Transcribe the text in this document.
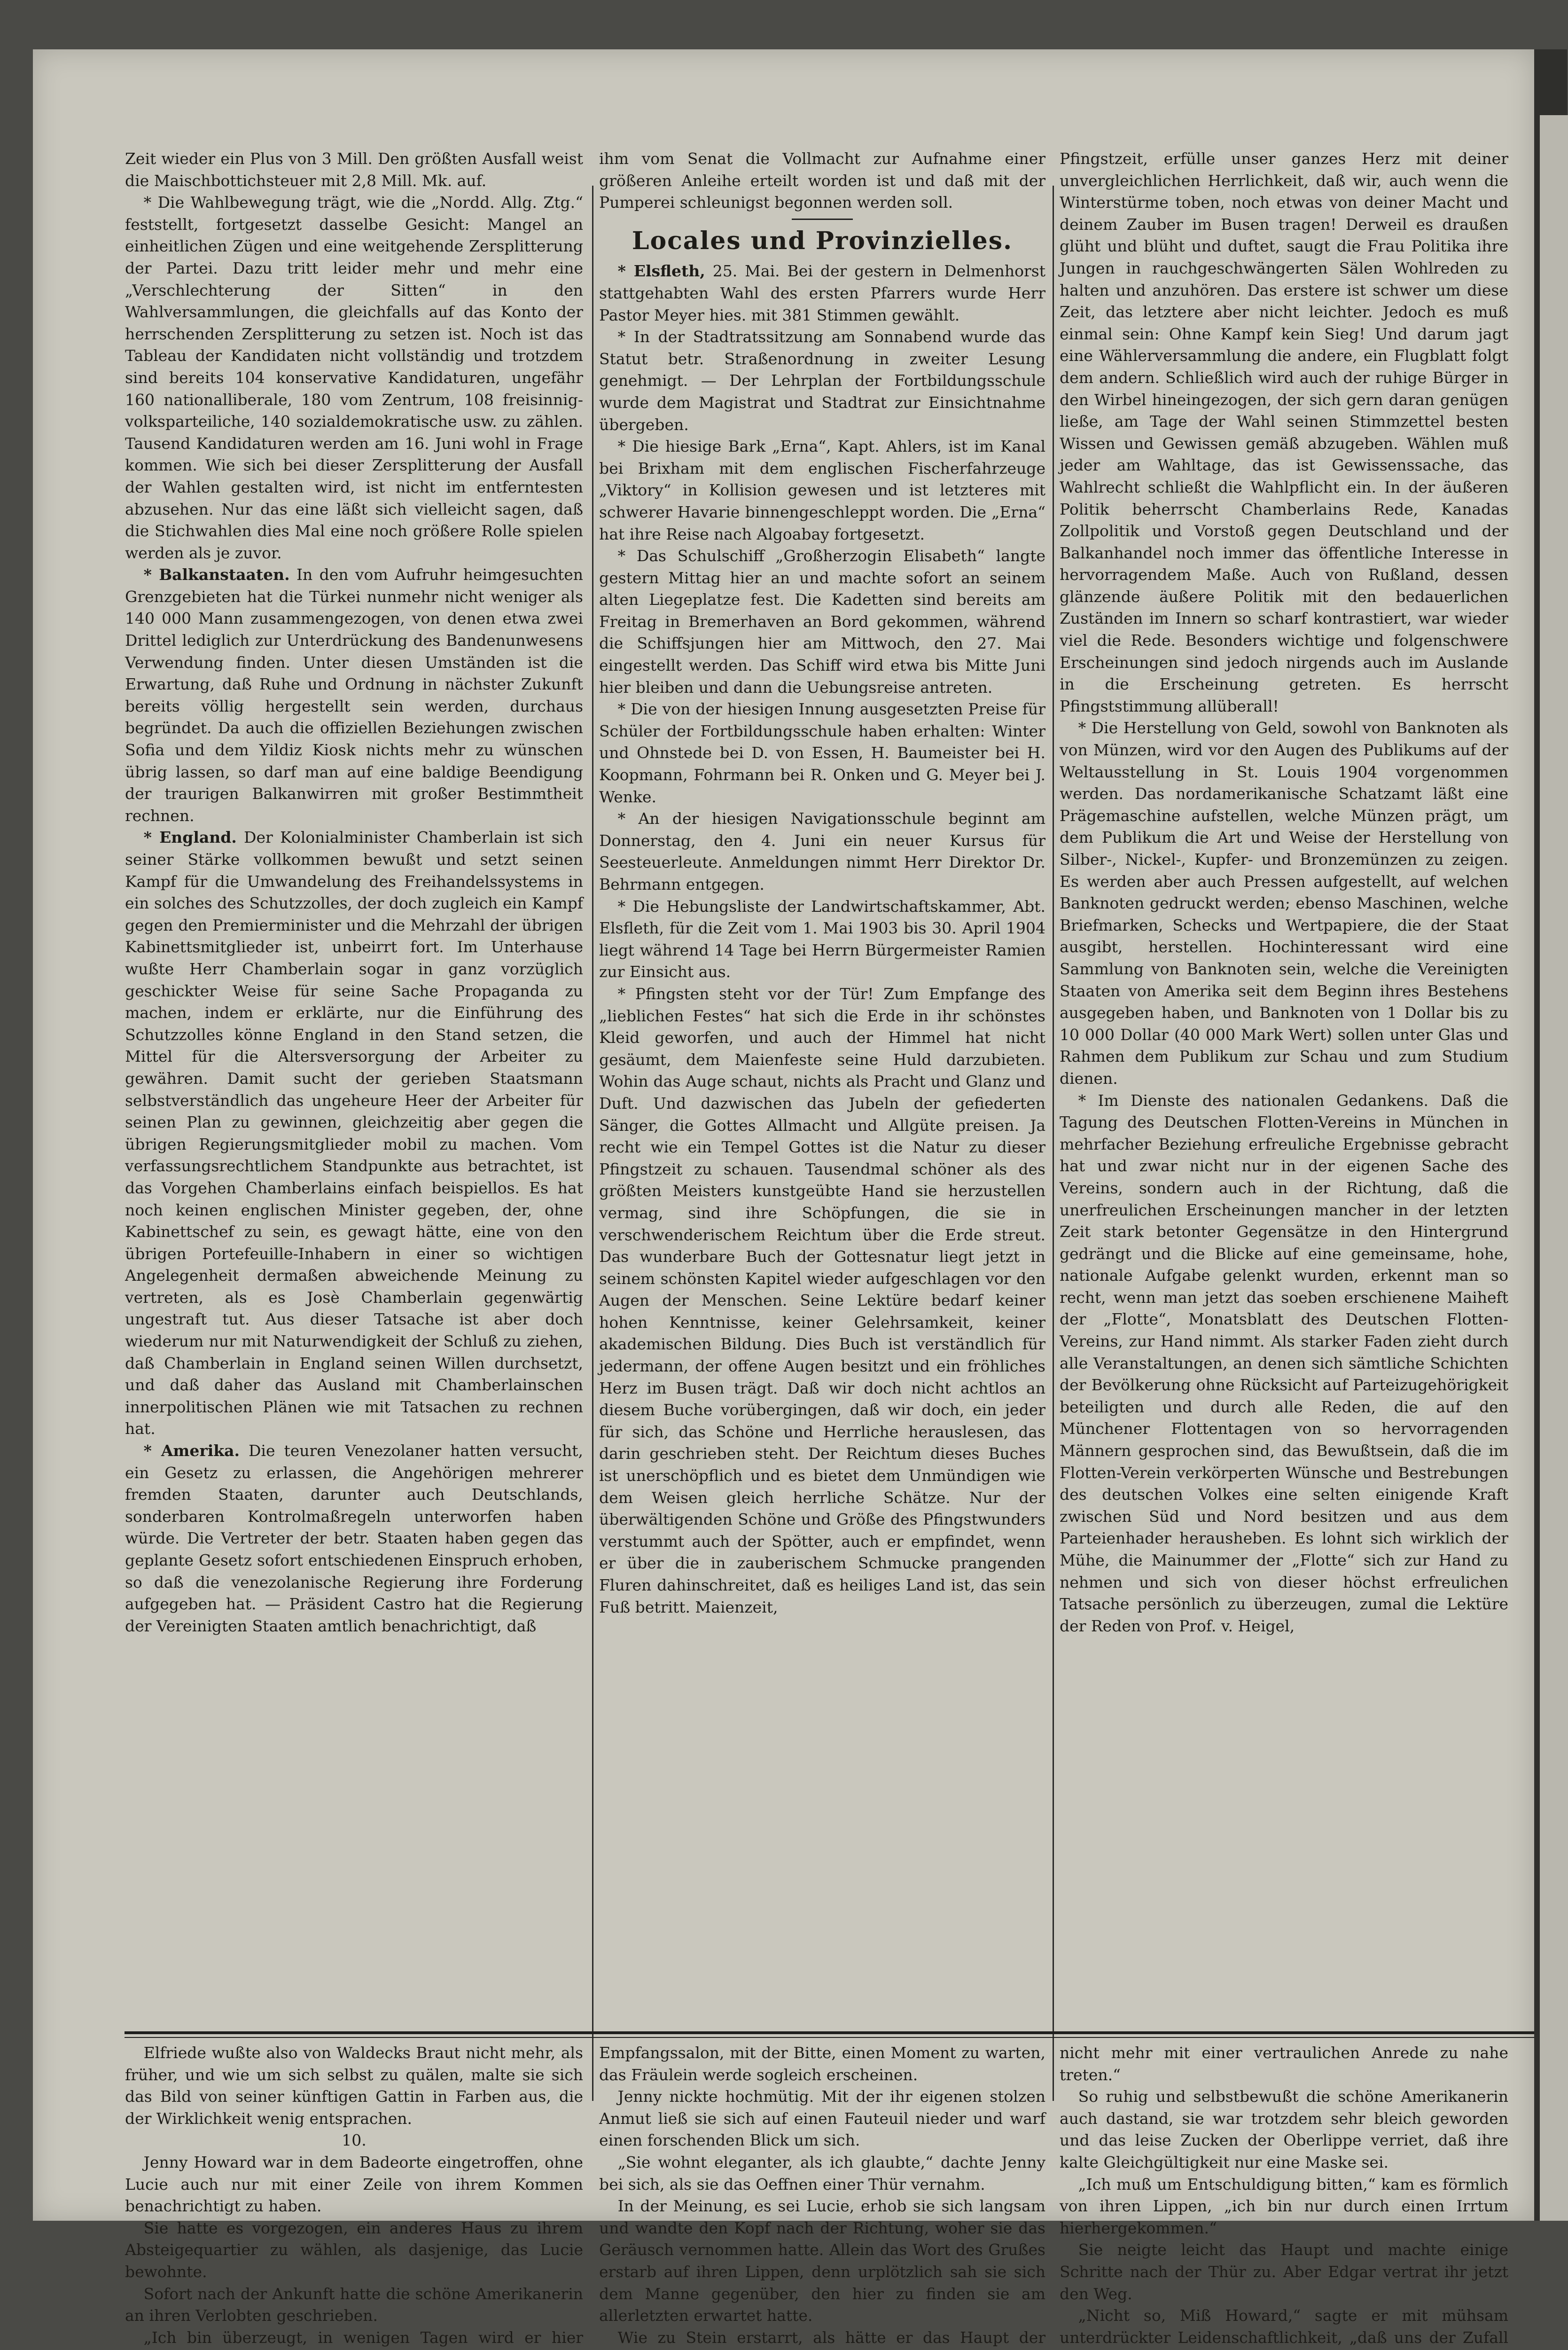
Zeit wieder ein Plus von 3 Mill. Den größten Ausfall weist die Maischbottichsteuer mit 2,8 Mill. Mk. auf.

* Die Wahlbewegung trägt, wie die „Nordd. Allg. Ztg.“ feststellt, fortgesetzt dasselbe Gesicht: Mangel an einheitlichen Zügen und eine weitgehende Zersplitterung der Partei. Dazu tritt leider mehr und mehr eine „Verschlechterung der Sitten“ in den Wahlversammlungen, die gleichfalls auf das Konto der herrschenden Zersplitterung zu setzen ist. Noch ist das Tableau der Kandidaten nicht vollständig und trotzdem sind bereits 104 konservative Kandidaturen, ungefähr 160 nationalliberale, 180 vom Zentrum, 108 freisinnig-volksparteiliche, 140 sozialdemokratische usw. zu zählen. Tausend Kandidaturen werden am 16. Juni wohl in Frage kommen. Wie sich bei dieser Zersplitterung der Ausfall der Wahlen gestalten wird, ist nicht im entferntesten abzusehen. Nur das eine läßt sich vielleicht sagen, daß die Stichwahlen dies Mal eine noch größere Rolle spielen werden als je zuvor.

* Balkanstaaten. In den vom Aufruhr heimgesuchten Grenzgebieten hat die Türkei nunmehr nicht weniger als 140 000 Mann zusammengezogen, von denen etwa zwei Drittel lediglich zur Unterdrückung des Bandenunwesens Verwendung finden. Unter diesen Umständen ist die Erwartung, daß Ruhe und Ordnung in nächster Zukunft bereits völlig hergestellt sein werden, durchaus begründet. Da auch die offiziellen Beziehungen zwischen Sofia und dem Yildiz Kiosk nichts mehr zu wünschen übrig lassen, so darf man auf eine baldige Beendigung der traurigen Balkanwirren mit großer Bestimmtheit rechnen.

* England. Der Kolonialminister Chamberlain ist sich seiner Stärke vollkommen bewußt und setzt seinen Kampf für die Umwandelung des Freihandelssystems in ein solches des Schutzzolles, der doch zugleich ein Kampf gegen den Premierminister und die Mehrzahl der übrigen Kabinettsmitglieder ist, unbeirrt fort. Im Unterhause wußte Herr Chamberlain sogar in ganz vorzüglich geschickter Weise für seine Sache Propaganda zu machen, indem er erklärte, nur die Einführung des Schutzzolles könne England in den Stand setzen, die Mittel für die Altersversorgung der Arbeiter zu gewähren. Damit sucht der gerieben Staatsmann selbstverständlich das ungeheure Heer der Arbeiter für seinen Plan zu gewinnen, gleichzeitig aber gegen die übrigen Regierungsmitglieder mobil zu machen. Vom verfassungsrechtlichem Standpunkte aus betrachtet, ist das Vorgehen Chamberlains einfach beispiellos. Es hat noch keinen englischen Minister gegeben, der, ohne Kabinettschef zu sein, es gewagt hätte, eine von den übrigen Portefeuille-Inhabern in einer so wichtigen Angelegenheit dermaßen abweichende Meinung zu vertreten, als es Josè Chamberlain gegenwärtig ungestraft tut. Aus dieser Tatsache ist aber doch wiederum nur mit Naturwendigkeit der Schluß zu ziehen, daß Chamberlain in England seinen Willen durchsetzt, und daß daher das Ausland mit Chamberlainschen innerpolitischen Plänen wie mit Tatsachen zu rechnen hat.

* Amerika. Die teuren Venezolaner hatten versucht, ein Gesetz zu erlassen, die Angehörigen mehrerer fremden Staaten, darunter auch Deutschlands, sonderbaren Kontrolmaßregeln unterworfen haben würde. Die Vertreter der betr. Staaten haben gegen das geplante Gesetz sofort entschiedenen Einspruch erhoben, so daß die venezolanische Regierung ihre Forderung aufgegeben hat. — Präsident Castro hat die Regierung der Vereinigten Staaten amtlich benachrichtigt, daß

ihm vom Senat die Vollmacht zur Aufnahme einer größeren Anleihe erteilt worden ist und daß mit der Pumperei schleunigst begonnen werden soll.

Locales und Provinzielles.

* Elsfleth, 25. Mai. Bei der gestern in Delmenhorst stattgehabten Wahl des ersten Pfarrers wurde Herr Pastor Meyer hies. mit 381 Stimmen gewählt.

* In der Stadtratssitzung am Sonnabend wurde das Statut betr. Straßenordnung in zweiter Lesung genehmigt. — Der Lehrplan der Fortbildungsschule wurde dem Magistrat und Stadtrat zur Einsichtnahme übergeben.

* Die hiesige Bark „Erna“, Kapt. Ahlers, ist im Kanal bei Brixham mit dem englischen Fischerfahrzeuge „Viktory“ in Kollision gewesen und ist letzteres mit schwerer Havarie binnengeschleppt worden. Die „Erna“ hat ihre Reise nach Algoabay fortgesetzt.

* Das Schulschiff „Großherzogin Elisabeth“ langte gestern Mittag hier an und machte sofort an seinem alten Liegeplatze fest. Die Kadetten sind bereits am Freitag in Bremerhaven an Bord gekommen, während die Schiffsjungen hier am Mittwoch, den 27. Mai eingestellt werden. Das Schiff wird etwa bis Mitte Juni hier bleiben und dann die Uebungsreise antreten.

* Die von der hiesigen Innung ausgesetzten Preise für Schüler der Fortbildungsschule haben erhalten: Winter und Ohnstede bei D. von Essen, H. Baumeister bei H. Koopmann, Fohrmann bei R. Onken und G. Meyer bei J. Wenke.

* An der hiesigen Navigationsschule beginnt am Donnerstag, den 4. Juni ein neuer Kursus für Seesteuerleute. Anmeldungen nimmt Herr Direktor Dr. Behrmann entgegen.

* Die Hebungsliste der Landwirtschaftskammer, Abt. Elsfleth, für die Zeit vom 1. Mai 1903 bis 30. April 1904 liegt während 14 Tage bei Herrn Bürgermeister Ramien zur Einsicht aus.

* Pfingsten steht vor der Tür! Zum Empfange des „lieblichen Festes“ hat sich die Erde in ihr schönstes Kleid geworfen, und auch der Himmel hat nicht gesäumt, dem Maienfeste seine Huld darzubieten. Wohin das Auge schaut, nichts als Pracht und Glanz und Duft. Und dazwischen das Jubeln der gefiederten Sänger, die Gottes Allmacht und Allgüte preisen. Ja recht wie ein Tempel Gottes ist die Natur zu dieser Pfingstzeit zu schauen. Tausendmal schöner als des größten Meisters kunstgeübte Hand sie herzustellen vermag, sind ihre Schöpfungen, die sie in verschwenderischem Reichtum über die Erde streut. Das wunderbare Buch der Gottesnatur liegt jetzt in seinem schönsten Kapitel wieder aufgeschlagen vor den Augen der Menschen. Seine Lektüre bedarf keiner hohen Kenntnisse, keiner Gelehrsamkeit, keiner akademischen Bildung. Dies Buch ist verständlich für jedermann, der offene Augen besitzt und ein fröhliches Herz im Busen trägt. Daß wir doch nicht achtlos an diesem Buche vorübergingen, daß wir doch, ein jeder für sich, das Schöne und Herrliche herauslesen, das darin geschrieben steht. Der Reichtum dieses Buches ist unerschöpflich und es bietet dem Unmündigen wie dem Weisen gleich herrliche Schätze. Nur der überwältigenden Schöne und Größe des Pfingstwunders verstummt auch der Spötter, auch er empfindet, wenn er über die in zauberischem Schmucke prangenden Fluren dahinschreitet, daß es heiliges Land ist, das sein Fuß betritt. Maienzeit,

Pfingstzeit, erfülle unser ganzes Herz mit deiner unvergleichlichen Herrlichkeit, daß wir, auch wenn die Winterstürme toben, noch etwas von deiner Macht und deinem Zauber im Busen tragen! Derweil es draußen glüht und blüht und duftet, saugt die Frau Politika ihre Jungen in rauchgeschwängerten Sälen Wohlreden zu halten und anzuhören. Das erstere ist schwer um diese Zeit, das letztere aber nicht leichter. Jedoch es muß einmal sein: Ohne Kampf kein Sieg! Und darum jagt eine Wählerversammlung die andere, ein Flugblatt folgt dem andern. Schließlich wird auch der ruhige Bürger in den Wirbel hineingezogen, der sich gern daran genügen ließe, am Tage der Wahl seinen Stimmzettel besten Wissen und Gewissen gemäß abzugeben. Wählen muß jeder am Wahltage, das ist Gewissenssache, das Wahlrecht schließt die Wahlpflicht ein. In der äußeren Politik beherrscht Chamberlains Rede, Kanadas Zollpolitik und Vorstoß gegen Deutschland und der Balkanhandel noch immer das öffentliche Interesse in hervorragendem Maße. Auch von Rußland, dessen glänzende äußere Politik mit den bedauerlichen Zuständen im Innern so scharf kontrastiert, war wieder viel die Rede. Besonders wichtige und folgenschwere Erscheinungen sind jedoch nirgends auch im Auslande in die Erscheinung getreten. Es herrscht Pfingststimmung allüberall!

* Die Herstellung von Geld, sowohl von Banknoten als von Münzen, wird vor den Augen des Publikums auf der Weltausstellung in St. Louis 1904 vorgenommen werden. Das nordamerikanische Schatzamt läßt eine Prägemaschine aufstellen, welche Münzen prägt, um dem Publikum die Art und Weise der Herstellung von Silber-, Nickel-, Kupfer- und Bronzemünzen zu zeigen. Es werden aber auch Pressen aufgestellt, auf welchen Banknoten gedruckt werden; ebenso Maschinen, welche Briefmarken, Schecks und Wertpapiere, die der Staat ausgibt, herstellen. Hochinteressant wird eine Sammlung von Banknoten sein, welche die Vereinigten Staaten von Amerika seit dem Beginn ihres Bestehens ausgegeben haben, und Banknoten von 1 Dollar bis zu 10 000 Dollar (40 000 Mark Wert) sollen unter Glas und Rahmen dem Publikum zur Schau und zum Studium dienen.

* Im Dienste des nationalen Gedankens. Daß die Tagung des Deutschen Flotten-Vereins in München in mehrfacher Beziehung erfreuliche Ergebnisse gebracht hat und zwar nicht nur in der eigenen Sache des Vereins, sondern auch in der Richtung, daß die unerfreulichen Erscheinungen mancher in der letzten Zeit stark betonter Gegensätze in den Hintergrund gedrängt und die Blicke auf eine gemeinsame, hohe, nationale Aufgabe gelenkt wurden, erkennt man so recht, wenn man jetzt das soeben erschienene Maiheft der „Flotte“, Monatsblatt des Deutschen Flotten-Vereins, zur Hand nimmt. Als starker Faden zieht durch alle Veranstaltungen, an denen sich sämtliche Schichten der Bevölkerung ohne Rücksicht auf Parteizugehörigkeit beteiligten und durch alle Reden, die auf den Münchener Flottentagen von so hervorragenden Männern gesprochen sind, das Bewußtsein, daß die im Flotten-Verein verkörperten Wünsche und Bestrebungen des deutschen Volkes eine selten einigende Kraft zwischen Süd und Nord besitzen und aus dem Parteienhader herausheben. Es lohnt sich wirklich der Mühe, die Mainummer der „Flotte“ sich zur Hand zu nehmen und sich von dieser höchst erfreulichen Tatsache persönlich zu überzeugen, zumal die Lektüre der Reden von Prof. v. Heigel,

Elfriede wußte also von Waldecks Braut nicht mehr, als früher, und wie um sich selbst zu quälen, malte sie sich das Bild von seiner künftigen Gattin in Farben aus, die der Wirklichkeit wenig entsprachen.

10.

Jenny Howard war in dem Badeorte eingetroffen, ohne Lucie auch nur mit einer Zeile von ihrem Kommen benachrichtigt zu haben.

Sie hatte es vorgezogen, ein anderes Haus zu ihrem Absteigequartier zu wählen, als dasjenige, das Lucie bewohnte.

Sofort nach der Ankunft hatte die schöne Amerikanerin an ihren Verlobten geschrieben.

„Ich bin überzeugt, in wenigen Tagen wird er hier

Empfangssalon, mit der Bitte, einen Moment zu warten, das Fräulein werde sogleich erscheinen.

Jenny nickte hochmütig. Mit der ihr eigenen stolzen Anmut ließ sie sich auf einen Fauteuil nieder und warf einen forschenden Blick um sich.

„Sie wohnt eleganter, als ich glaubte,“ dachte Jenny bei sich, als sie das Oeffnen einer Thür vernahm.

In der Meinung, es sei Lucie, erhob sie sich langsam und wandte den Kopf nach der Richtung, woher sie das Geräusch vernommen hatte. Allein das Wort des Grußes erstarb auf ihren Lippen, denn urplötzlich sah sie sich dem Manne gegenüber, den hier zu finden sie am allerletzten erwartet hatte.

Wie zu Stein erstarrt, als hätte er das Haupt der

nicht mehr mit einer vertraulichen Anrede zu nahe treten.“

So ruhig und selbstbewußt die schöne Amerikanerin auch dastand, sie war trotzdem sehr bleich geworden und das leise Zucken der Oberlippe verriet, daß ihre kalte Gleichgültigkeit nur eine Maske sei.

„Ich muß um Entschuldigung bitten,“ kam es förmlich von ihren Lippen, „ich bin nur durch einen Irrtum hierhergekommen.“

Sie neigte leicht das Haupt und machte einige Schritte nach der Thür zu. Aber Edgar vertrat ihr jetzt den Weg.

„Nicht so, Miß Howard,“ sagte er mit mühsam unterdrückter Leidenschaftlichkeit, „daß uns der Zufall
